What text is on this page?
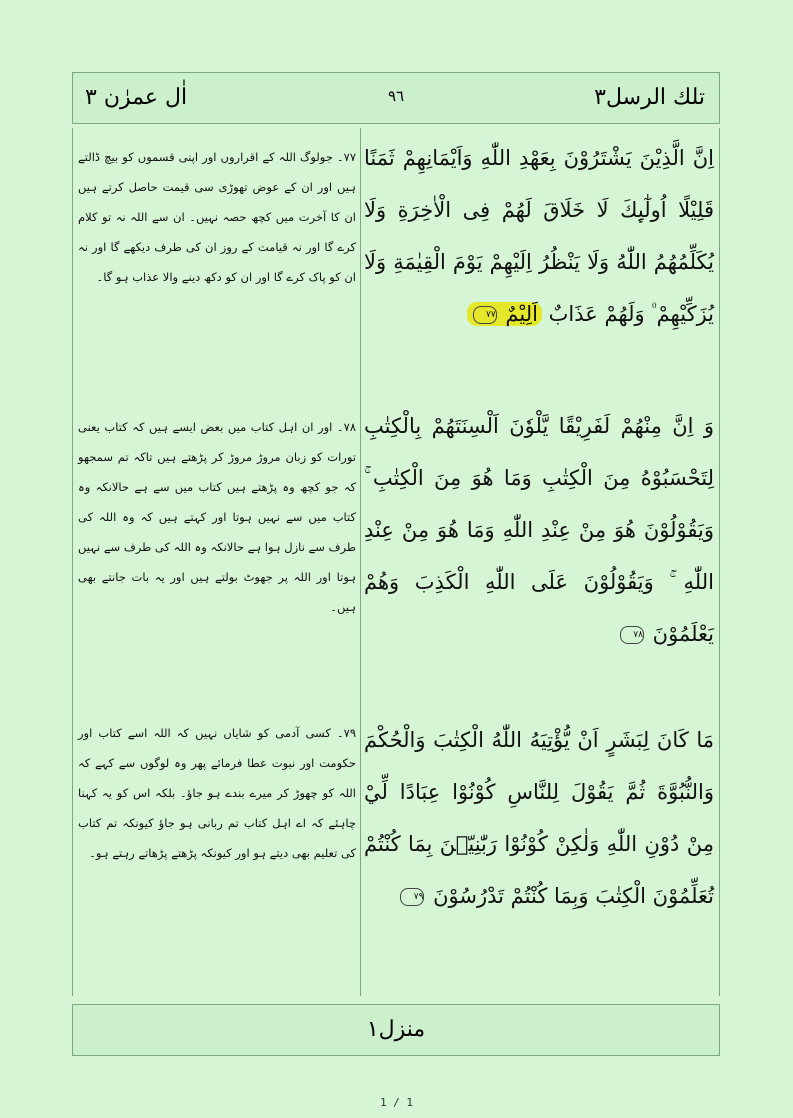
تلك الرسل٣
٩٦
اٰل عمرٰن ٣
اِنَّ الَّذِيْنَ يَشْتَرُوْنَ بِعَهْدِ اللّٰهِ وَاَيْمَانِهِمْ ثَمَنًا قَلِيْلًا اُولٰٓىِٕكَ لَا خَلَاقَ لَهُمْ فِى الْاٰخِرَةِ وَلَا يُكَلِّمُهُمُ اللّٰهُ وَلَا يَنْظُرُ اِلَيْهِمْ يَوْمَ الْقِيٰمَةِ وَلَا يُزَكِّيْهِمْ ۠ وَلَهُمْ عَذَابٌ اَلِيْمٌ ٧٧
۷۷۔ جولوگ اللہ کے اقراروں اور اپنی قسموں کو بیچ ڈالتے ہیں اور ان کے عوض تھوڑی سی قیمت حاصل کرتے ہیں ان کا آخرت میں کچھ حصہ نہیں۔ ان سے اللہ نہ تو کلام کرے گا اور نہ قیامت کے روز ان کی طرف دیکھے گا اور نہ ان کو پاک کرے گا اور ان کو دکھ دینے والا عذاب ہو گا۔
وَ اِنَّ مِنْهُمْ لَفَرِيْقًا يَّلْوٗنَ اَلْسِنَتَهُمْ بِالْكِتٰبِ لِتَحْسَبُوْهُ مِنَ الْكِتٰبِ وَمَا هُوَ مِنَ الْكِتٰبِ ۚ وَيَقُوْلُوْنَ هُوَ مِنْ عِنْدِ اللّٰهِ وَمَا هُوَ مِنْ عِنْدِ اللّٰهِ ۚ وَيَقُوْلُوْنَ عَلَى اللّٰهِ الْكَذِبَ وَهُمْ يَعْلَمُوْنَ ٧٨
۷۸۔ اور ان اہل کتاب میں بعض ایسے ہیں کہ کتاب یعنی تورات کو زبان مروڑ مروڑ کر پڑھتے ہیں تاکہ تم سمجھو کہ جو کچھ وہ پڑھتے ہیں کتاب میں سے ہے حالانکہ وہ کتاب میں سے نہیں ہوتا اور کہتے ہیں کہ وہ اللہ کی طرف سے نازل ہوا ہے حالانکہ وہ اللہ کی طرف سے نہیں ہوتا اور اللہ پر جھوٹ بولتے ہیں اور یہ بات جانتے بھی ہیں۔
مَا كَانَ لِبَشَرٍ اَنْ يُّؤْتِيَهُ اللّٰهُ الْكِتٰبَ وَالْحُكْمَ وَالنُّبُوَّةَ ثُمَّ يَقُوْلَ لِلنَّاسِ كُوْنُوْا عِبَادًا لِّيْ مِنْ دُوْنِ اللّٰهِ وَلٰكِنْ كُوْنُوْا رَبّٰنِيّٖنَ بِمَا كُنْتُمْ تُعَلِّمُوْنَ الْكِتٰبَ وَبِمَا كُنْتُمْ تَدْرُسُوْنَ ٧٩
۷۹۔ کسی آدمی کو شایاں نہیں کہ اللہ اسے کتاب اور حکومت اور نبوت عطا فرمائے پھر وہ لوگوں سے کہے کہ اللہ کو چھوڑ کر میرے بندے ہو جاؤ۔ بلکہ اس کو یہ کہنا چاہئے کہ اے اہل کتاب تم ربانی ہو جاؤ کیونکہ تم کتاب کی تعلیم بھی دیتے ہو اور کیونکہ پڑھتے پڑھاتے رہتے ہو۔
منزل١
1 / 1
